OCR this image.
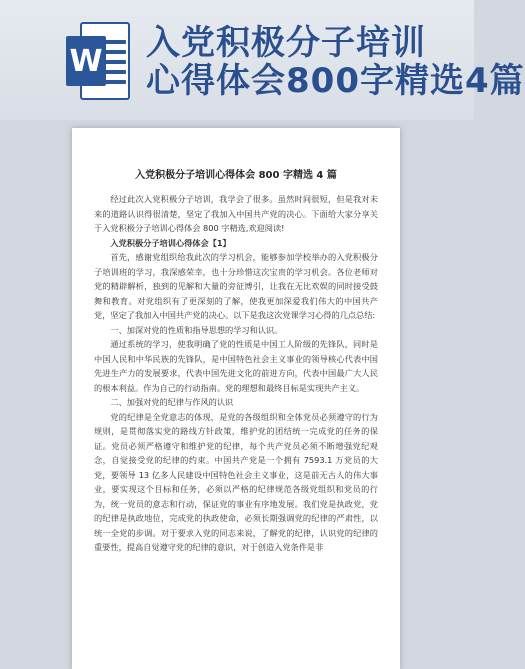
W 入党积极分子培训
心得体会800字精选4篇
入党积极分子培训心得体会 800 字精选 4 篇

经过此次入党积极分子培训，我学会了很多。虽然时间很短，但是我对未来的道路认识得很清楚，坚定了我加入中国共产党的决心。下面给大家分享关于入党积极分子培训心得体会 800 字精选,欢迎阅读!

入党积极分子培训心得体会【1】

首先，感谢党组织给我此次的学习机会，能够参加学校举办的入党积极分子培训班的学习，我深感荣幸，也十分珍惜这次宝贵的学习机会。各位老师对党的精辟解析，独到的见解和大量的旁征博引，让我在无比欢娱的同时接受鼓舞和教育。对党组织有了更深刻的了解，使我更加深爱我们伟大的中国共产党，坚定了我加入中国共产党的决心。以下是我这次党课学习心得的几点总结:

一、加深对党的性质和指导思想的学习和认识。

通过系统的学习，使我明确了党的性质是中国工人阶级的先锋队，同时是中国人民和中华民族的先锋队，是中国特色社会主义事业的领导核心代表中国先进生产力的发展要求，代表中国先进文化的前进方向，代表中国最广大人民的根本利益。作为自己的行动指南。党的理想和最终目标是实现共产主义。

二、加强对党的纪律与作风的认识

党的纪律是全党意志的体现，是党的各级组织和全体党员必须遵守的行为规则，是贯彻落实党的路线方针政策，维护党的团结统一完成党的任务的保证。党员必须严格遵守和维护党的纪律，每个共产党员必须不断增强党纪观念，自觉接受党的纪律的约束。中国共产党是一个拥有 7593.1 万党员的大党，要领导 13 亿多人民建设中国特色社会主义事业，这是前无古人的伟大事业，要实现这个目标和任务，必须以严格的纪律规范各级党组织和党员的行为，统一党员的意志和行动，保证党的事业有序地发展。我们党是执政党，党的纪律是执政地位，完成党的执政使命，必须长期强调党的纪律的严肃性，以统一全党的步调。对于要求入党的同志来说，了解党的纪律，认识党的纪律的重要性，提高自觉遵守党的纪律的意识，对于创造入党条件是非
